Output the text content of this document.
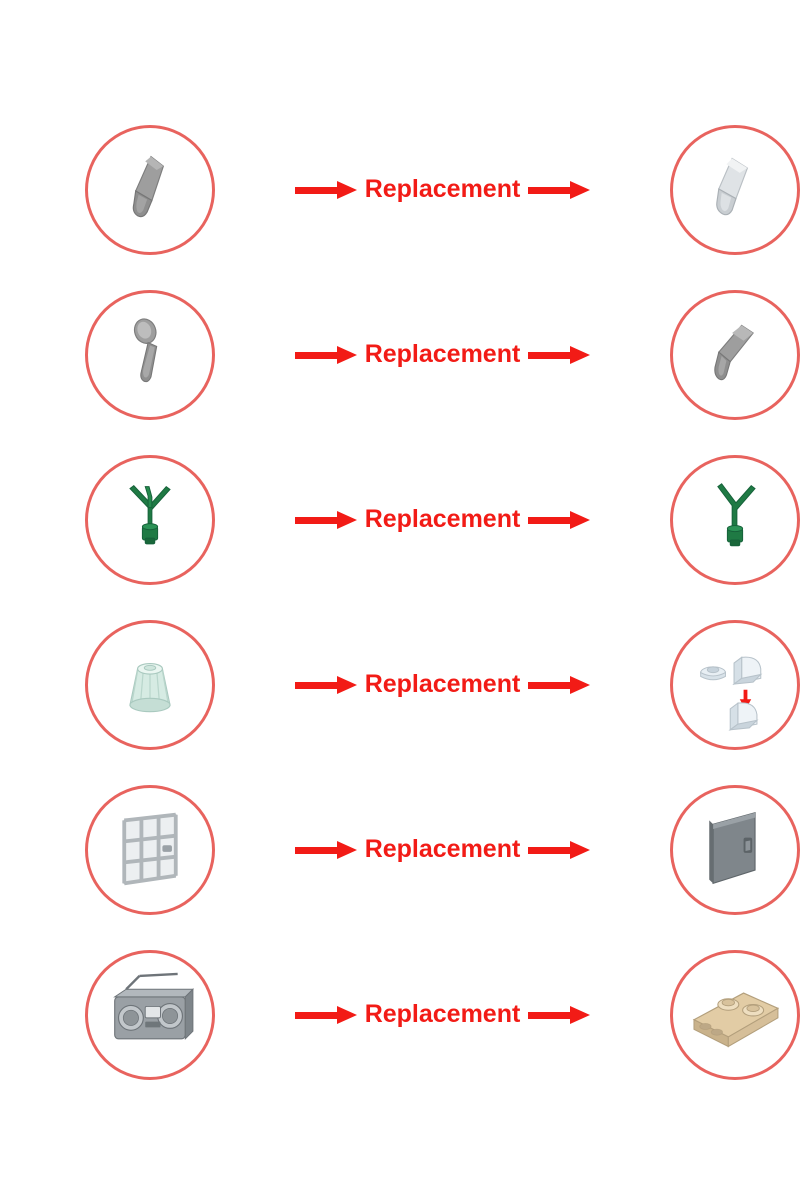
Replacement
Replacement
Replacement
Replacement
Replacement
Replacement
